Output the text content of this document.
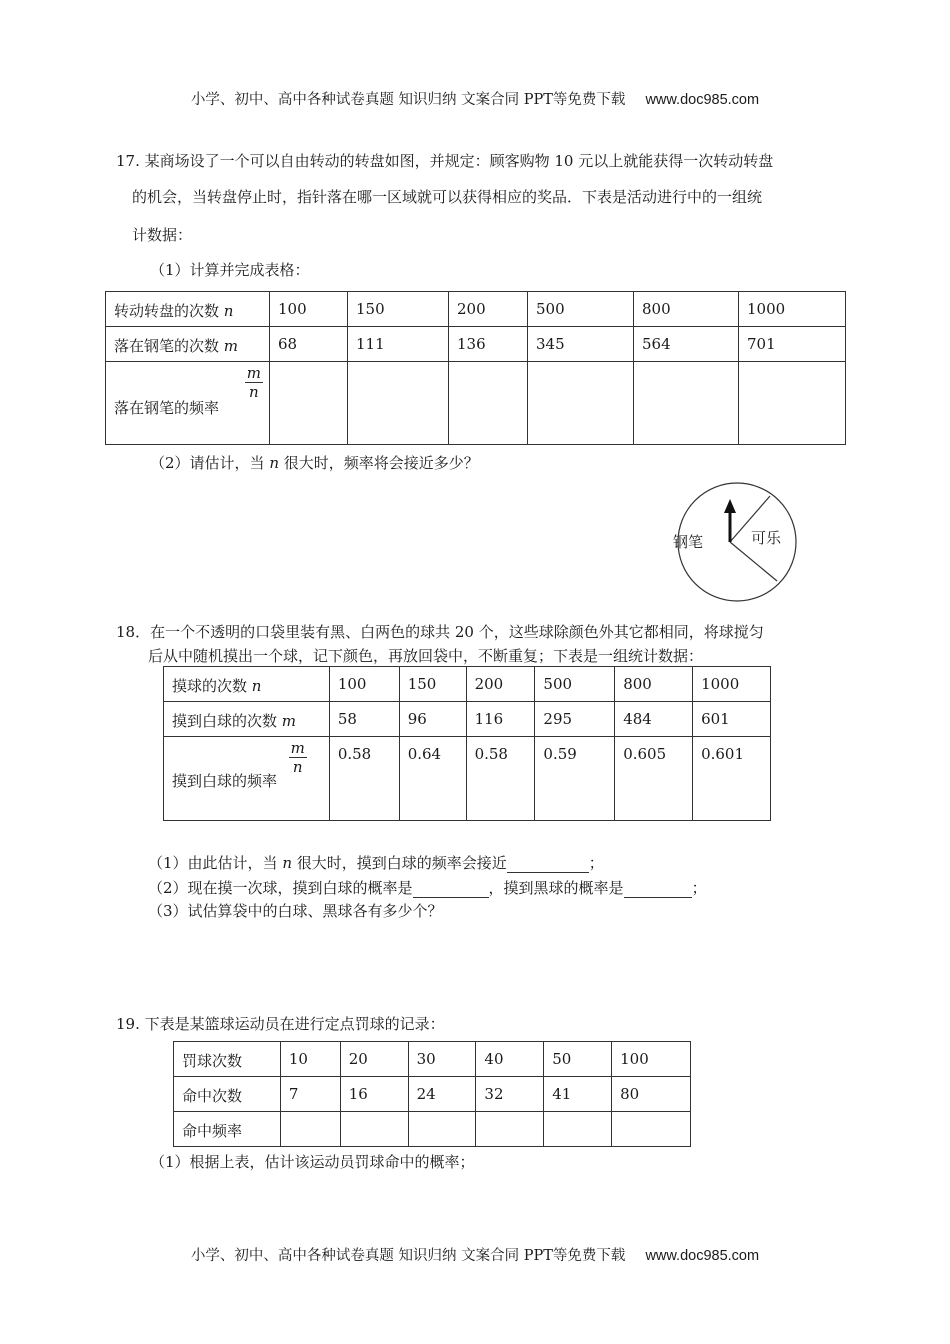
小学、初中、高中各种试卷真题 知识归纳 文案合同 PPT等免费下载 www.doc985.com
17. 某商场设了一个可以自由转动的转盘如图，并规定：顾客购物 10 元以上就能获得一次转动转盘
的机会，当转盘停止时，指针落在哪一区域就可以获得相应的奖品．下表是活动进行中的一组统
计数据：
（1）计算并完成表格：
转动转盘的次数 n	100	150	200	500	800	1000
落在钢笔的次数 m	68	111	136	345	564	701

$\frac{m}{n}$
落在钢笔的频率						

（2）请估计，当 n 很大时，频率将会接近多少？
钢笔	可乐
18．在一个不透明的口袋里装有黑、白两色的球共 20 个，这些球除颜色外其它都相同，将球搅匀
后从中随机摸出一个球，记下颜色，再放回袋中，不断重复；下表是一组统计数据：
摸球的次数 n	100	150	200	500	800	1000
摸到白球的次数 m	58	96	116	295	484	601

$\frac{m}{n}$
摸到白球的频率	0.58	0.64	0.58	0.59	0.605	0.601
（1）由此估计，当 n 很大时，摸到白球的频率会接近	；
（2）现在摸一次球，摸到白球的概率是	，摸到黑球的概率是	；
（3）试估算袋中的白球、黑球各有多少个？
19. 下表是某篮球运动员在进行定点罚球的记录：
罚球次数	10	20	30	40	50	100
命中次数	7	16	24	32	41	80
命中频率						
（1）根据上表，估计该运动员罚球命中的概率；
小学、初中、高中各种试卷真题 知识归纳 文案合同 PPT等免费下载 www.doc985.com
